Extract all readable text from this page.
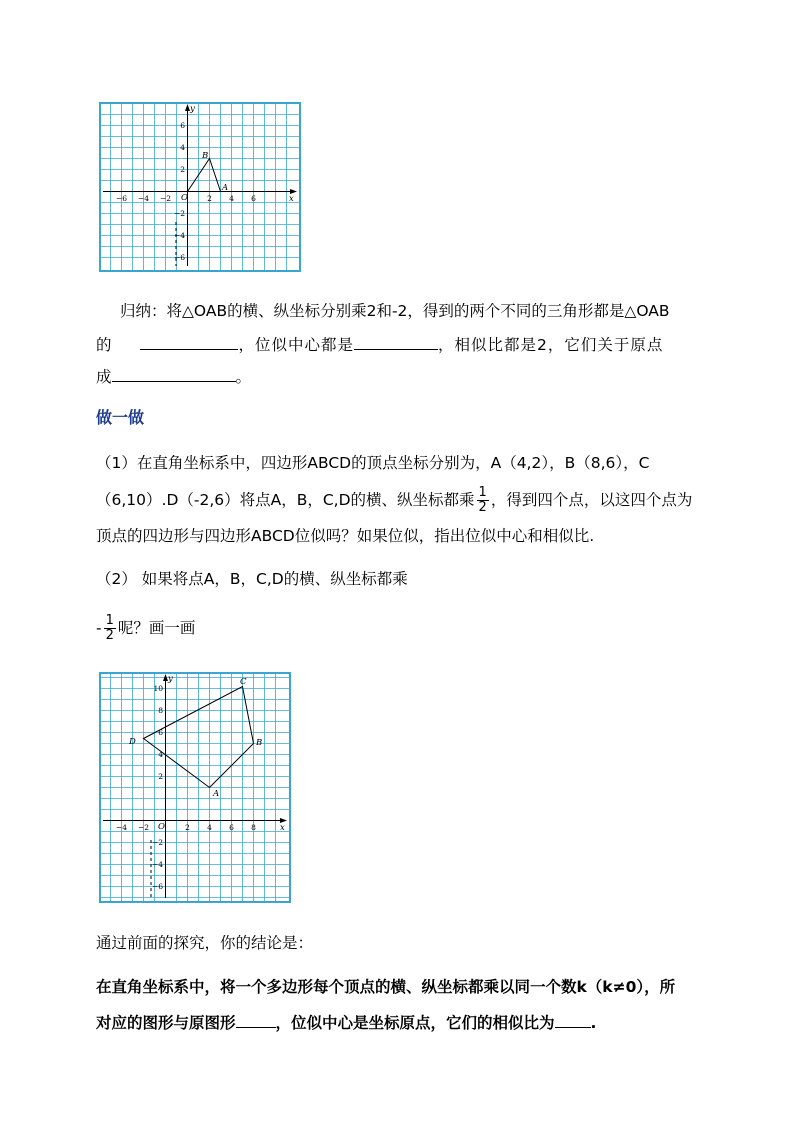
−6 −4 −2	2 4 6
6
4
2
−2
−4
−6
O	x
y
B
A
归纳：将△OAB的横、纵坐标分别乘2和-2，得到的两个不同的三角形都是△OAB
的	，位似中心都是	，相似比都是2，它们关于原点
成	。
做一做
（1）在直角坐标系中，四边形ABCD的顶点坐标分别为，A（4,2），B（8,6），C
（6,10）.D（-2,6）将点A，B，C,D的横、纵坐标都乘 $\frac{1}{2}$ ，得到四个点，以这四个点为
顶点的四边形与四边形ABCD位似吗？如果位似，指出位似中心和相似比.
（2） 如果将点A，B，C,D的横、纵坐标都乘
- $\frac{1}{2}$ 呢？画一画
−4 −2	2 4 6 8
10
8
6
4
2
−2
−4
−6
O	x
y
A
B
C
D
通过前面的探究，你的结论是：
在直角坐标系中，将一个多边形每个顶点的横、纵坐标都乘以同一个数k（k≠0），所
对应的图形与原图形	，位似中心是坐标原点，它们的相似比为 .
